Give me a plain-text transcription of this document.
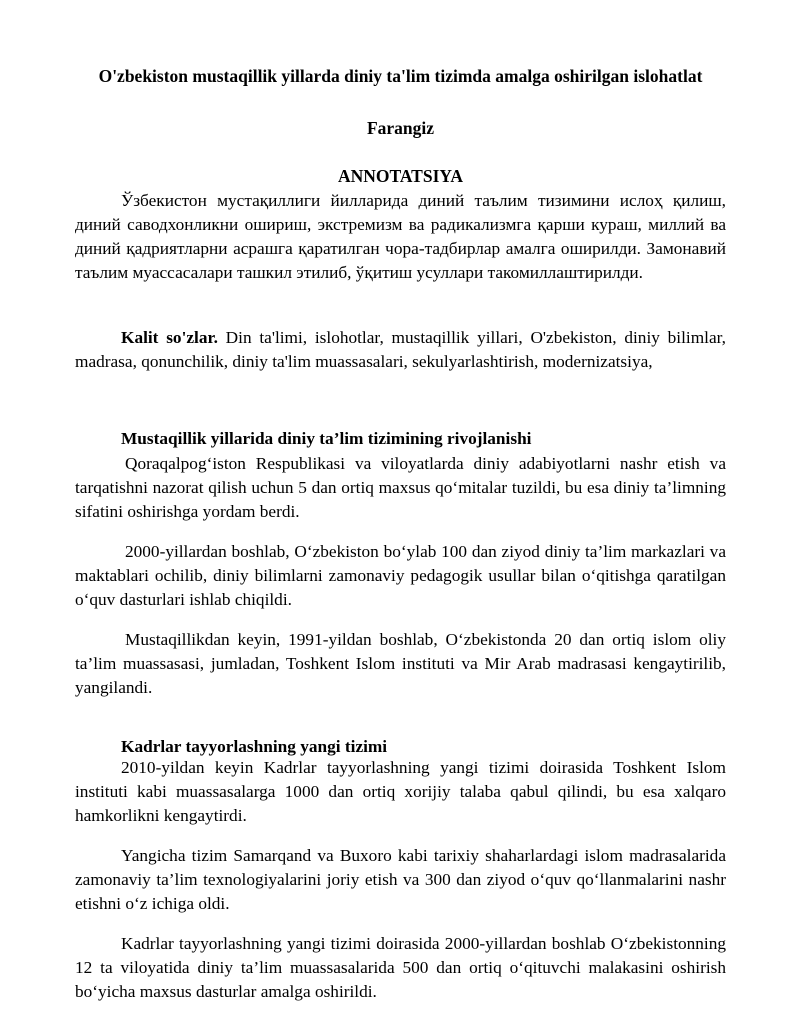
O'zbekiston mustaqillik yillarda diniy ta'lim tizimda amalga oshirilgan islohatlat
Farangiz
ANNOTATSIYA

Ўзбекистон мустақиллиги йилларида диний таълим тизимини ислоҳ қилиш, диний саводхонликни ошириш, экстремизм ва радикализмга қарши кураш, миллий ва диний қадриятларни асрашга қаратилган чора-тадбирлар амалга оширилди. Замонавий таълим муассасалари ташкил этилиб, ўқитиш усуллари такомиллаштирилди.

Kalit so'zlar. Din ta'limi, islohotlar, mustaqillik yillari, O'zbekiston, diniy bilimlar, madrasa, qonunchilik, diniy ta'lim muassasalari, sekulyarlashtirish, modernizatsiya,

Mustaqillik yillarida diniy ta’lim tizimining rivojlanishi

Qoraqalpog‘iston Respublikasi va viloyatlarda diniy adabiyotlarni nashr etish va tarqatishni nazorat qilish uchun 5 dan ortiq maxsus qo‘mitalar tuzildi, bu esa diniy ta’limning sifatini oshirishga yordam berdi.

2000-yillardan boshlab, O‘zbekiston bo‘ylab 100 dan ziyod diniy ta’lim markazlari va maktablari ochilib, diniy bilimlarni zamonaviy pedagogik usullar bilan o‘qitishga qaratilgan o‘quv dasturlari ishlab chiqildi.

Mustaqillikdan keyin, 1991-yildan boshlab, O‘zbekistonda 20 dan ortiq islom oliy ta’lim muassasasi, jumladan, Toshkent Islom instituti va Mir Arab madrasasi kengaytirilib, yangilandi.

Kadrlar tayyorlashning yangi tizimi

2010-yildan keyin Kadrlar tayyorlashning yangi tizimi doirasida Toshkent Islom instituti kabi muassasalarga 1000 dan ortiq xorijiy talaba qabul qilindi, bu esa xalqaro hamkorlikni kengaytirdi.

Yangicha tizim Samarqand va Buxoro kabi tarixiy shaharlardagi islom madrasalarida zamonaviy ta’lim texnologiyalarini joriy etish va 300 dan ziyod o‘quv qo‘llanmalarini nashr etishni o‘z ichiga oldi.

Kadrlar tayyorlashning yangi tizimi doirasida 2000-yillardan boshlab O‘zbekistonning 12 ta viloyatida diniy ta’lim muassasalarida 500 dan ortiq o‘qituvchi malakasini oshirish bo‘yicha maxsus dasturlar amalga oshirildi.
